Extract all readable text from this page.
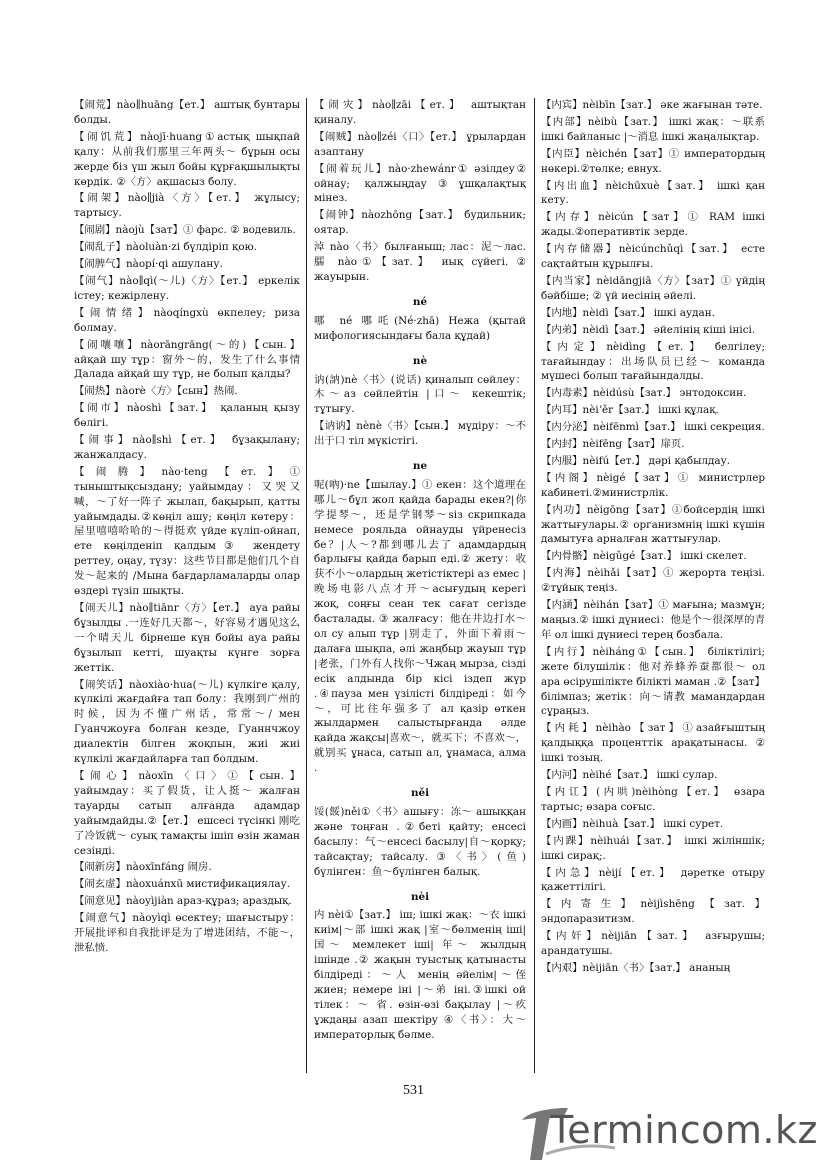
【闹荒】nào∥huāng【ет.】 аштық бунтары болды.

【闹饥荒】nàojī·huang①астық шықпай қалу：从前我们那里三年两头～ бұрын осы жерде біз үш жыл бойы құрғақшылықты көрдік. ②〈方〉ақшасыз болу.

【闹架】nào∥jià〈方〉【ет.】 жұлысу; тартысу.

【闹剧】nàojù【зат】① фарс. ② водевиль.

【闹乱子】nàoluàn·zi бүлдіріп қою.

【闹脾气】nàopí·qi ашулану.

【闹气】nào∥qì(～儿)〈方〉【ет.】 еркелік істеу; кежірлену.

【闹情绪】nàoqíngxù өкпелеу; риза болмау.

【闹嚷嚷】nàorāngrāng(～的)【сын.】 айқай шу тұр：窗外～的，发生了什么事情 Далада айқай шу тұр, не болып қалды?

【闹热】nàorè〈方〉【сын】热闹.

【闹市】nàoshì【зат.】 қаланың қызу бөлігі.

【闹事】nào∥shì【ет.】 бұзақылану; жанжалдасу.

【闹腾】nào·teng【ет.】① тыныштықсыздану; уайымдау：又哭又喊，～了好一阵子 жылап, бақырып, қатты уайымдады.②көңіл ашу; көңіл көтеру：屋里嘻嘻哈哈的～得挺欢 үйде күліп-ойнап, ете көңілденіп қалдым③ жендету реттеу, оңау, түзу：这些节目都是他们几个自发～起来的 /Мына бағдарламаларды олар өздері түзіп шықты.

【闹天儿】nào∥tiānr〈方〉【ет.】 ауа райы бұзылды .一连好几天都～，好容易才遇见这么一个晴天儿 бірнеше күн бойы ауа райы бұзылып кетті, шуақты күнге зорға жеттік.

【闹笑话】nàoxiào·hua(～儿) күлкіге қалу, күлкілі жағдайға тап болу：我刚到广州的时候，因为不懂广州话，常常～/ мен Гуанчжоуға болған кезде, Гуаннчжоу диалектін білген жоқпын, жиі жиі күлкілі жағдайларға тап болдым.

【闹心】nàoxīn〈口〉①【сын.】 уайымдау：买了假货，让人挺～ жалған тауарды сатып алғанда адамдар уайымдайды.②【ет.】 ешсесі түсінкі 刚吃了冷饭就～ суық тамақты ішіп өзін жаман сезінді.

【闹新房】nàoxīnfáng 闹房.

【闹玄虚】nàoxuánxū мистификациялау.

【闹意见】nàoyìjiàn араз-құраз; араздық.

【闹意气】nàoyìqì өсектеу; шағыстыру：开展批评和自我批评是为了增进团结，不能～，泄私愤.

【闹灾】nào∥zāi【ет.】 аштықтан қиналу.

【闹贼】nào∥zéi〈口〉【ет.】 ұрылардан азаптану

【闹着玩儿】nào·zhewánr① əзілдеу② ойнау; қалжыңдау③ұшқалақтық мінез.

【闹钟】nàozhōng【зат.】 будильник; оятар.

淖 nào〈书〉былғаныш; лас：泥～лас. 臑 nào①【зат.】 иық сүйегі. ② жауырын.

né

哪 né 哪吒(Né·zhā) Нежа (қытай мифологиясындағы бала құдай)

nè

讷(訥)nè〈书〉(说话) қиналып сөйлеу：木～аз сөйлейтін |口～ кекештік; тұтығу.

【讷讷】nènè〈书〉【сын.】 мүдіру：～不出于口 тіл мүкістігі.

ne

呢(吶)·ne【шылау.】① екен：这个道理在哪儿～бұл жол қайда барады екен?|你学提琴～，还是学钢琴～siз скрипкада немесе рояльда ойнауды үйренесіз бе？|人～?都到哪儿去了 адамдардың барлығы қайда барып еді.② жету：收获不小～олардың жетістіктері аз емес |晚场电影八点才开～асығудың керегі жоқ, соңғы сеан тек сағат сегізде басталады. ③ жалғасу：他在井边打水～ол су алып тұр |别走了，外面下着雨～далаға шықпа, әлі жаңбыр жауып тұр |老张，门外有人找你～Чжаң мырза, сізді есік алдында бір кісі іздеп жүр .④пауза мен үзілісті білдіреді：如今～，可比往年强多了 ал қазір өткен жылдармен салыстырғанда әлде қайда жақсы|喜欢～，就买下；不喜欢～，就别买 ұнаса, сатып ал, ұнамаса, алма .

něi

馁(餒)něi①〈书〉ашығу：冻～ ашыққан және тоңған .②беті қайту; енсесі басылу：气～енсесі басылу|自～қорқу; тайсақтау; тайсалу. ③〈书〉(鱼) бүлінген：鱼～бүлінген балық.

nèi

内 nèi①【зат.】 іш; ішкі жақ：～衣 ішкі киім|～部 ішкі жақ |室～бөлменің іші| 国～ мемлекет іші| 年～ жылдың ішінде .② жақын туыстық қатынасты білдіреді：～人 менің әйелім|～侄 жиен; немере іні |～弟 іні.③ішкі ой тілек：～ 省. өзін-өзі бақылау |～疚 ұждаңы азап шектіру ④〈书〉：大～ императорлық бәлме.

【内宾】nèibīn【зат.】 әке жағынан тәте.

【内部】nèibù【зат.】 ішкі жақ：～联系 ішкі байланыс |～消息 ішкі жаңалықтар.

【内臣】nèichén【зат】① императордың нөкері.②төлке; евнух.

【内出血】nèichūxuè【зат.】 ішкі қан кету.

【内存】nèicún【зат】① RAM ішкі жады.②оперативтік зерде.

【内存储器】nèicúnchǔqì【зат.】 есте сақтайтын құрылғы.

【内当家】nèidāngjiā〈方〉【зат】① үйдің бәйбіше; ② үй иесінің әйелі.

【内地】nèidì【зат.】 ішкі аудан.

【内弟】nèidì【зат.】 әйелінің кіші інісі.

【内定】nèidìng【ет.】 белгілеу; тағайындау：出场队员已经～ команда мүшесі болып тағайындалды.

【内毒素】nèidúsù【зат.】 энтодоксин.

【内耳】nèiʼěr【зат.】 ішкі құлақ.

【内分泌】nèifēnmì【зат.】 ішкі секреция.

【内封】nèifēng【зат】扉页.

【内服】nèifú【ет.】 дәрі қабылдау.

【内阁】nèigé【зат】① министрлер кабинеті.②министрлік.

【内功】nèigōng【зат】①бойсердің ішкі жаттығулары.② организмнің ішкі күшін дамытуға арналған жаттығулар.

【内骨骼】nèigǔgé【зат.】 ішкі скелет.

【内海】nèihǎi【зат】① жерорта теңізі. ②тұйық теңіз.

【内涵】nèihán【зат】① мағына; мазмұн; маңыз.② ішкі дүниесі：他是个～很深厚的青年 ол ішкі дүниесі терең бозбала.

【内行】nèiháng①【сын.】 біліктілігі; жете білушілік：他对养蜂养蚕都很～ ол ара өсірушіліктe білікті маман .②【зат】білімпаз; жетік：向～请教 мамандардан сұраңыз.

【内耗】nèihào【зат】①азайғыштың қалдыққа проценттік арақатынасы. ② ішкі тозың.

【内河】nèihé【зат.】 ішкі сулар.

【内讧】(内哄)nèihòng【ет.】 өзара тартыс; өзара соғыс.

【内画】nèihuà【зат.】 ішкі сурет.

【内踝】nèihuái【зат.】 ішкі жіліншік; ішкі сирақ;.

【内急】nèijí【ет.】 дәретке отыру қажеттілігі.

【内寄生】nèijìshēng【зат.】 эндопаразитизм.

【内奸】nèijiān【зат.】 азғырушы; арандатушы.

【内艰】nèijiān〈书〉【зат.】 ананың

531
Termincom.kz
